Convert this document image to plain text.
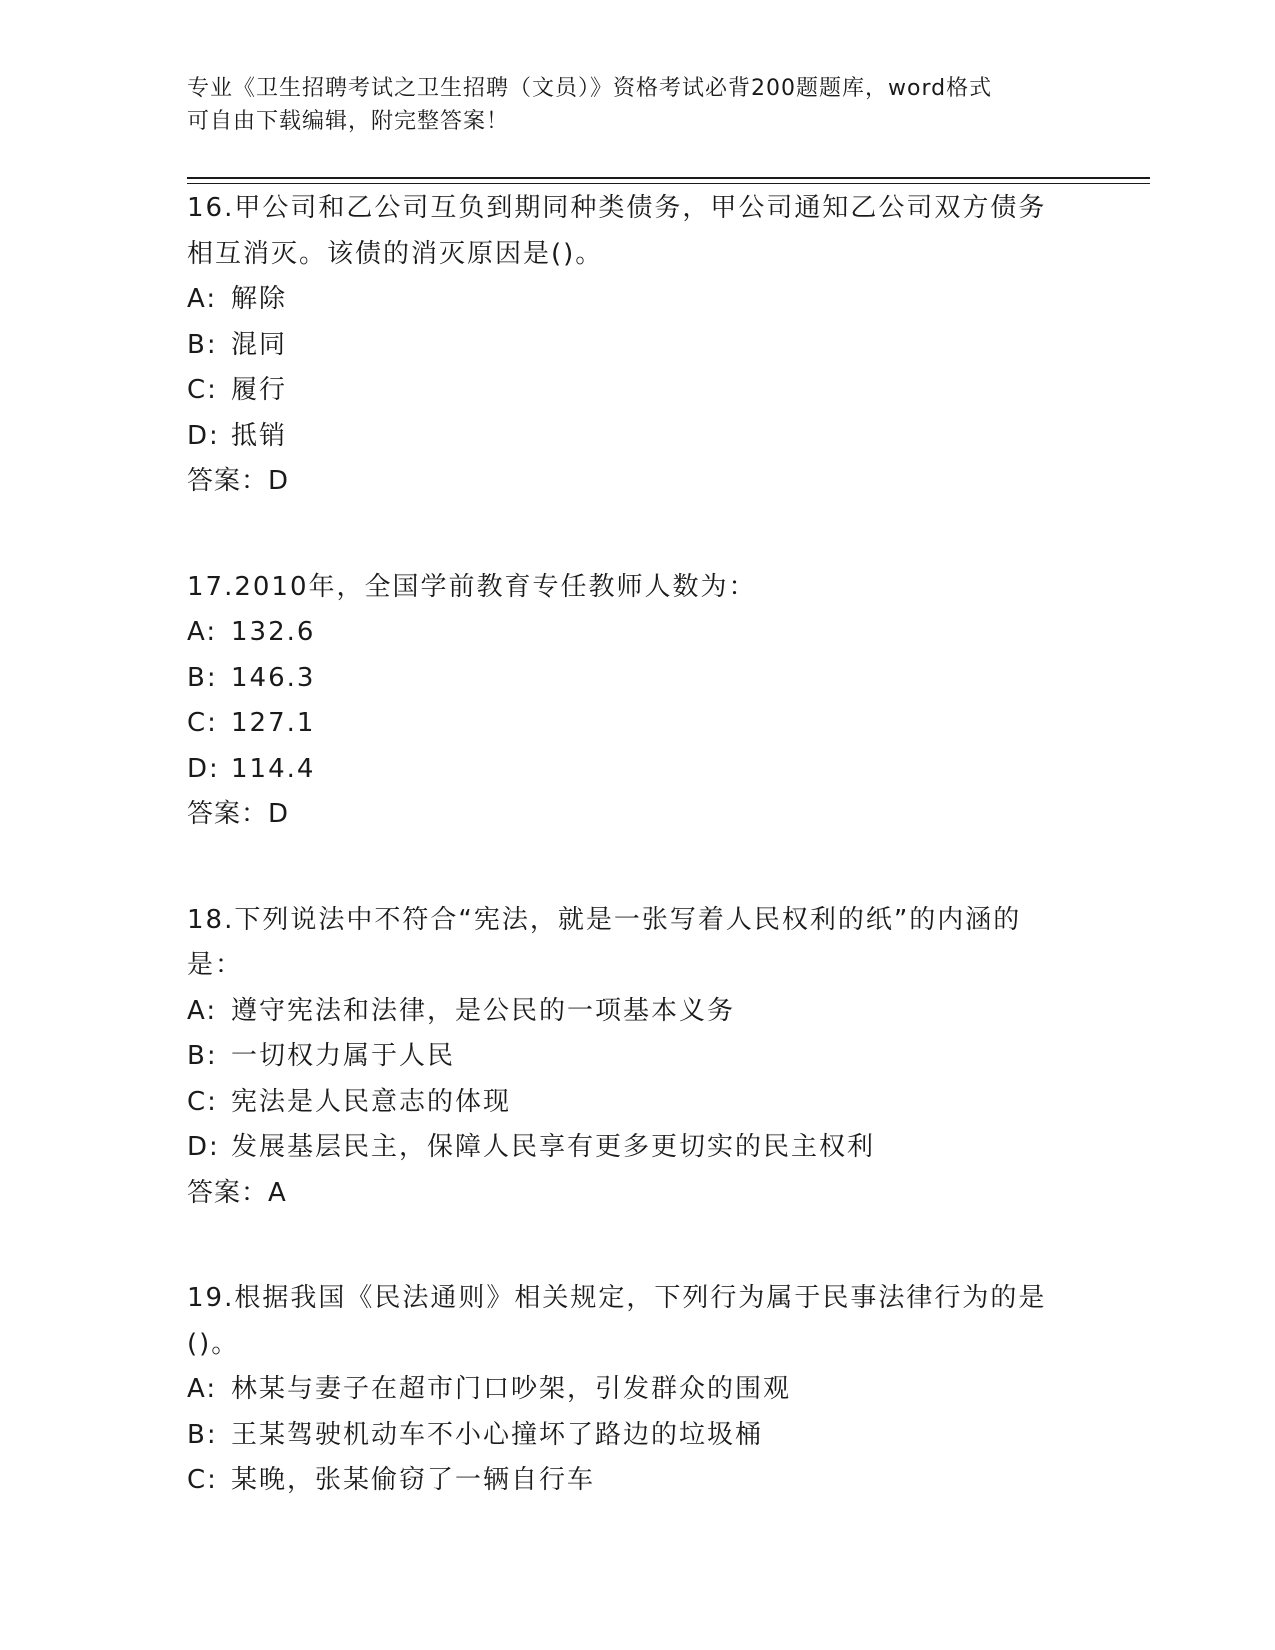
专业《卫生招聘考试之卫生招聘（文员）》资格考试必背200题题库，word格式
可自由下载编辑，附完整答案！
16.甲公司和乙公司互负到期同种类债务，甲公司通知乙公司双方债务
相互消灭。该债的消灭原因是()。
A: 解除
B: 混同
C: 履行
D: 抵销
答案：D
17.2010年，全国学前教育专任教师人数为：
A: 132.6
B: 146.3
C: 127.1
D: 114.4
答案：D
18.下列说法中不符合“宪法，就是一张写着人民权利的纸”的内涵的
是：
A: 遵守宪法和法律，是公民的一项基本义务
B: 一切权力属于人民
C: 宪法是人民意志的体现
D: 发展基层民主，保障人民享有更多更切实的民主权利
答案：A
19.根据我国《民法通则》相关规定，下列行为属于民事法律行为的是
()。
A: 林某与妻子在超市门口吵架，引发群众的围观
B: 王某驾驶机动车不小心撞坏了路边的垃圾桶
C: 某晚，张某偷窃了一辆自行车
